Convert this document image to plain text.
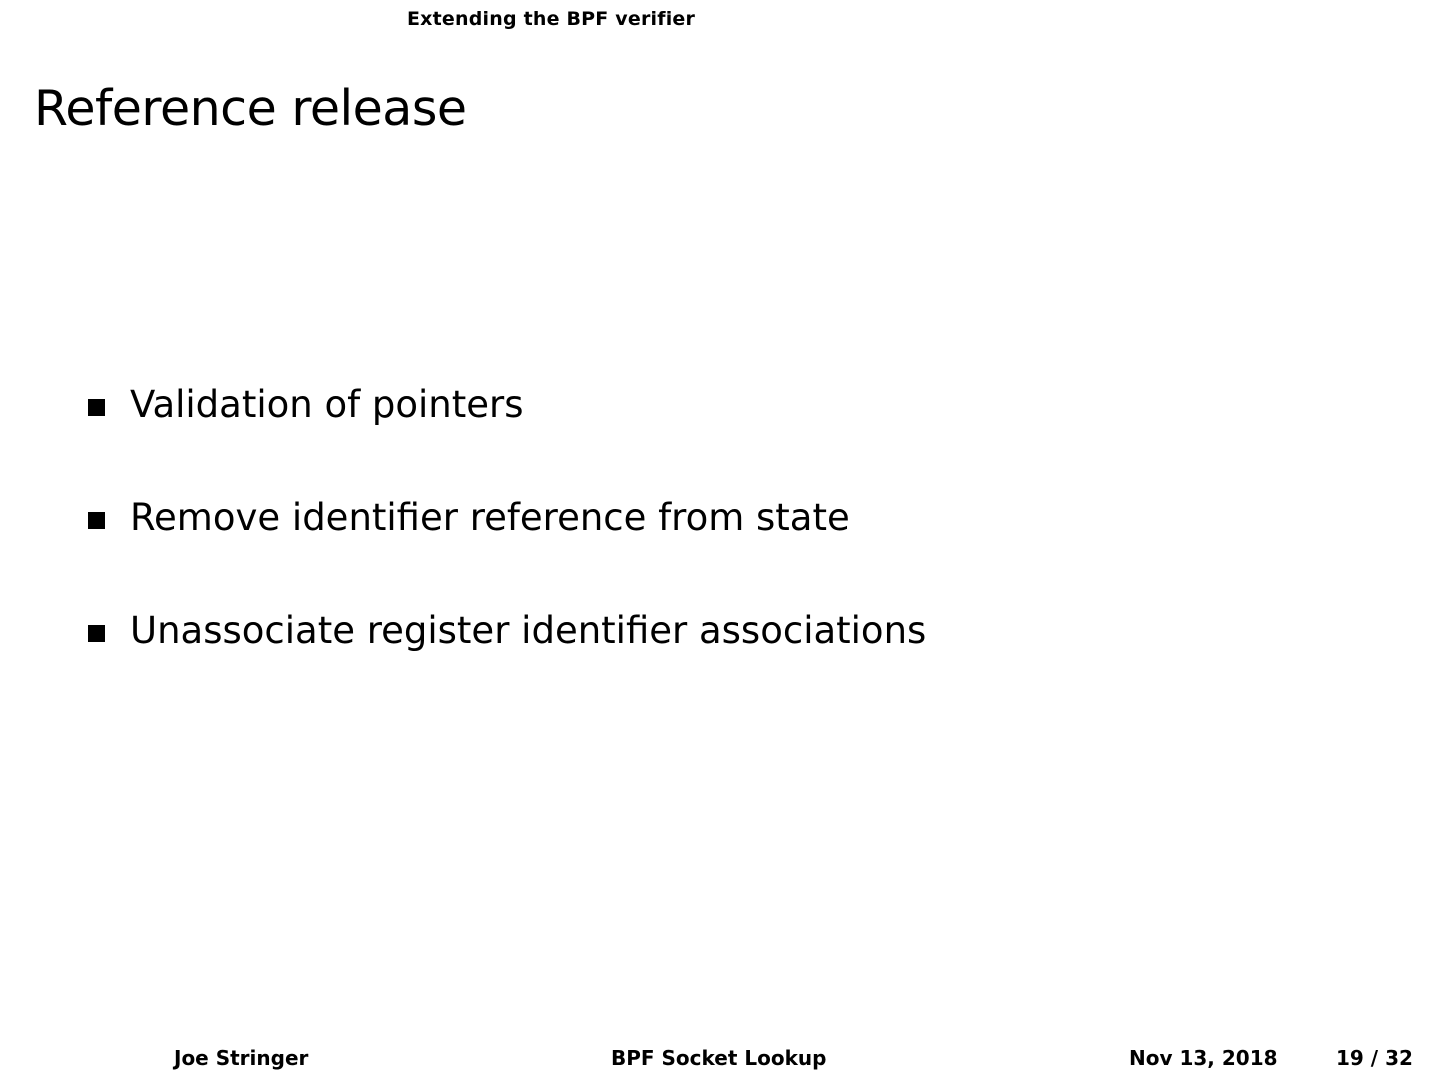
Extending the BPF verifier
Reference release
Validation of pointers
Remove identifier reference from state
Unassociate register identifier associations
Joe Stringer	BPF Socket Lookup	Nov 13, 2018	19 / 32
